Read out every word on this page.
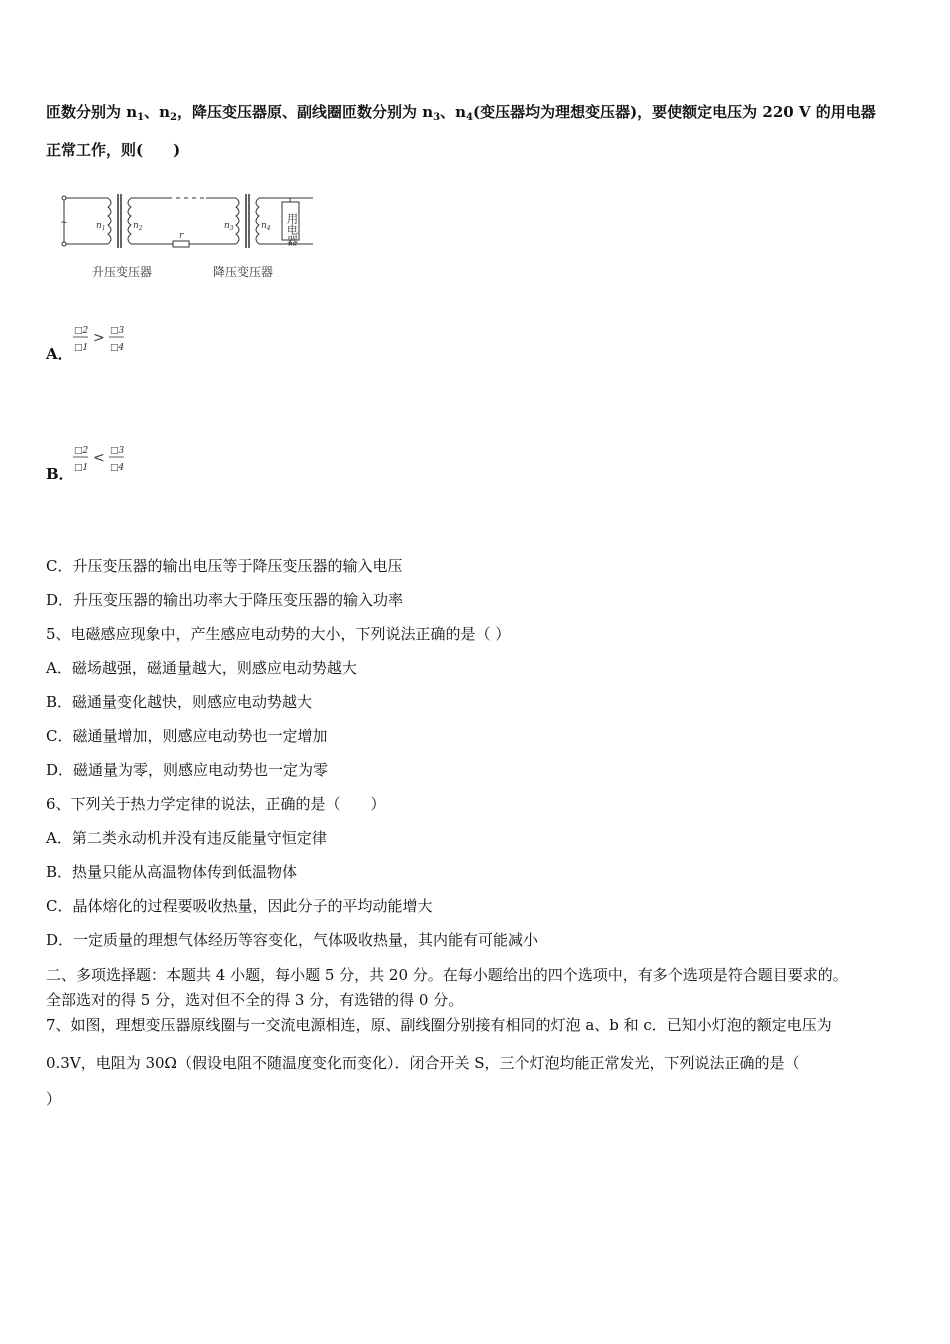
匝数分别为 $n_1$、$n_2$，降压变压器原、副线圈匝数分别为 $n_3$、$n_4$(变压器均为理想变压器)，要使额定电压为 220 V 的用电器
正常工作，则(　　)
$n_1$	$n_2$	$n_3$	$n_4$
r
~	用电器
升压变压器	降压变压器
A．
□2
□1
> □3
□4
B．
□2
□1
< □3
□4
C．升压变压器的输出电压等于降压变压器的输入电压
D．升压变压器的输出功率大于降压变压器的输入功率
5、电磁感应现象中，产生感应电动势的大小，下列说法正确的是（ ）
A．磁场越强，磁通量越大，则感应电动势越大
B．磁通量变化越快，则感应电动势越大
C．磁通量增加，则感应电动势也一定增加
D．磁通量为零，则感应电动势也一定为零
6、下列关于热力学定律的说法，正确的是（　　）
A．第二类永动机并没有违反能量守恒定律
B．热量只能从高温物体传到低温物体
C．晶体熔化的过程要吸收热量，因此分子的平均动能增大
D．一定质量的理想气体经历等容变化，气体吸收热量，其内能有可能减小
二、多项选择题：本题共 4 小题，每小题 5 分，共 20 分。在每小题给出的四个选项中，有多个选项是符合题目要求的。
全部选对的得 5 分，选对但不全的得 3 分，有选错的得 0 分。
7、如图，理想变压器原线圈与一交流电源相连，原、副线圈分别接有相同的灯泡 a、b 和 c．已知小灯泡的额定电压为
0.3V，电阻为 30Ω（假设电阻不随温度变化而变化）．闭合开关 S，三个灯泡均能正常发光，下列说法正确的是（
）
